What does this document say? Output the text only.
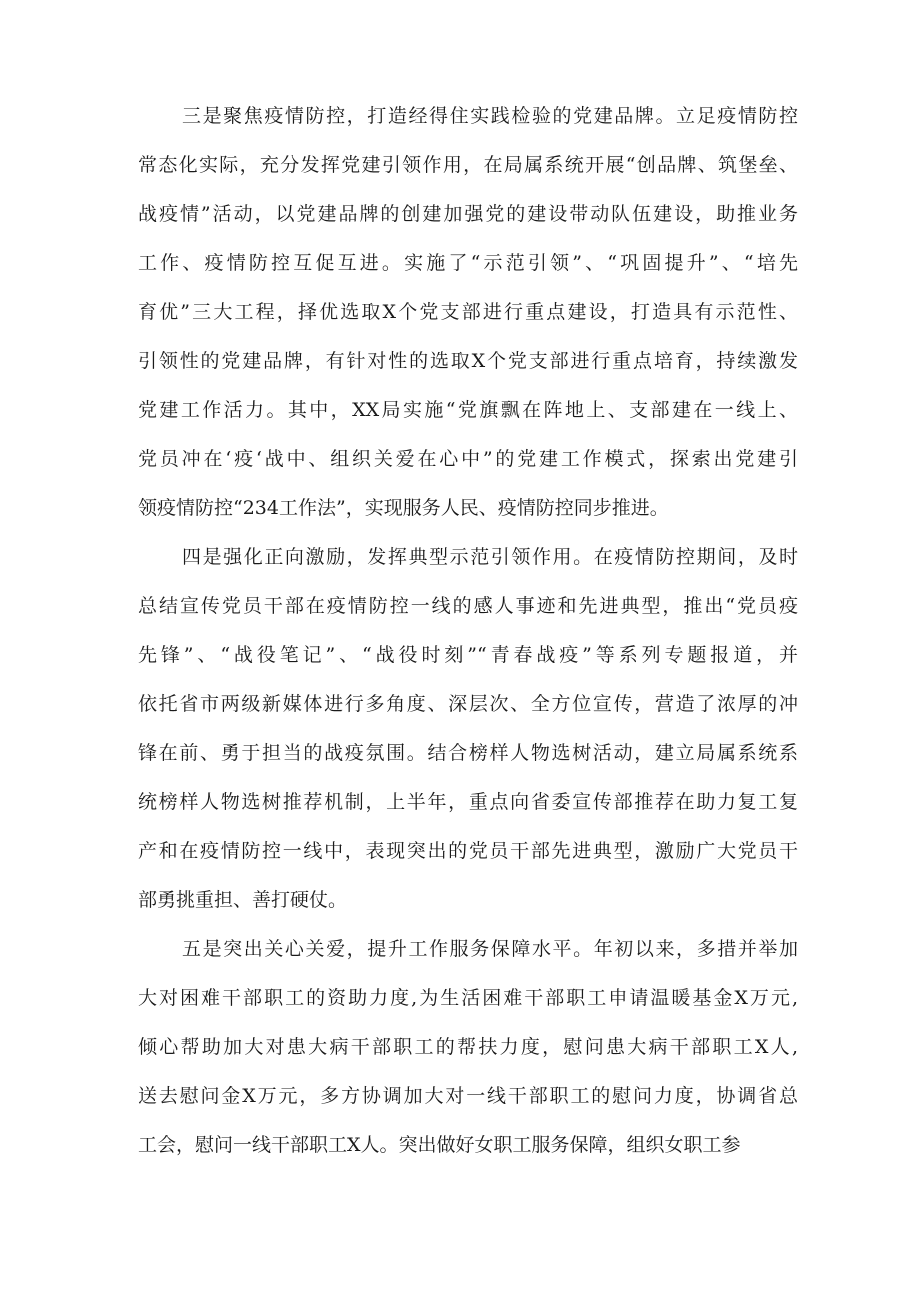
三是聚焦疫情防控，打造经得住实践检验的党建品牌。立足疫情防控
常态化实际，充分发挥党建引领作用，在局属系统开展“创品牌、筑堡垒、
战疫情”活动，以党建品牌的创建加强党的建设带动队伍建设，助推业务
工作、疫情防控互促互进。实施了“示范引领”、“巩固提升”、“培先
育优”三大工程，择优选取X个党支部进行重点建设，打造具有示范性、
引领性的党建品牌，有针对性的选取X个党支部进行重点培育，持续激发
党建工作活力。其中，XX局实施“党旗飘在阵地上、支部建在一线上、
党员冲在‘疫‘战中、组织关爱在心中”的党建工作模式，探索出党建引
领疫情防控“234工作法”，实现服务人民、疫情防控同步推进。
四是强化正向激励，发挥典型示范引领作用。在疫情防控期间，及时
总结宣传党员干部在疫情防控一线的感人事迹和先进典型，推出“党员疫
先锋”、“战役笔记”、“战役时刻”“青春战疫”等系列专题报道，并
依托省市两级新媒体进行多角度、深层次、全方位宣传，营造了浓厚的冲
锋在前、勇于担当的战疫氛围。结合榜样人物选树活动，建立局属系统系
统榜样人物选树推荐机制，上半年，重点向省委宣传部推荐在助力复工复
产和在疫情防控一线中，表现突出的党员干部先进典型，激励广大党员干
部勇挑重担、善打硬仗。
五是突出关心关爱，提升工作服务保障水平。年初以来，多措并举加
大对困难干部职工的资助力度,为生活困难干部职工申请温暖基金X万元,
倾心帮助加大对患大病干部职工的帮扶力度，慰问患大病干部职工X人,
送去慰问金X万元，多方协调加大对一线干部职工的慰问力度，协调省总
工会，慰问一线干部职工X人。突出做好女职工服务保障，组织女职工参
